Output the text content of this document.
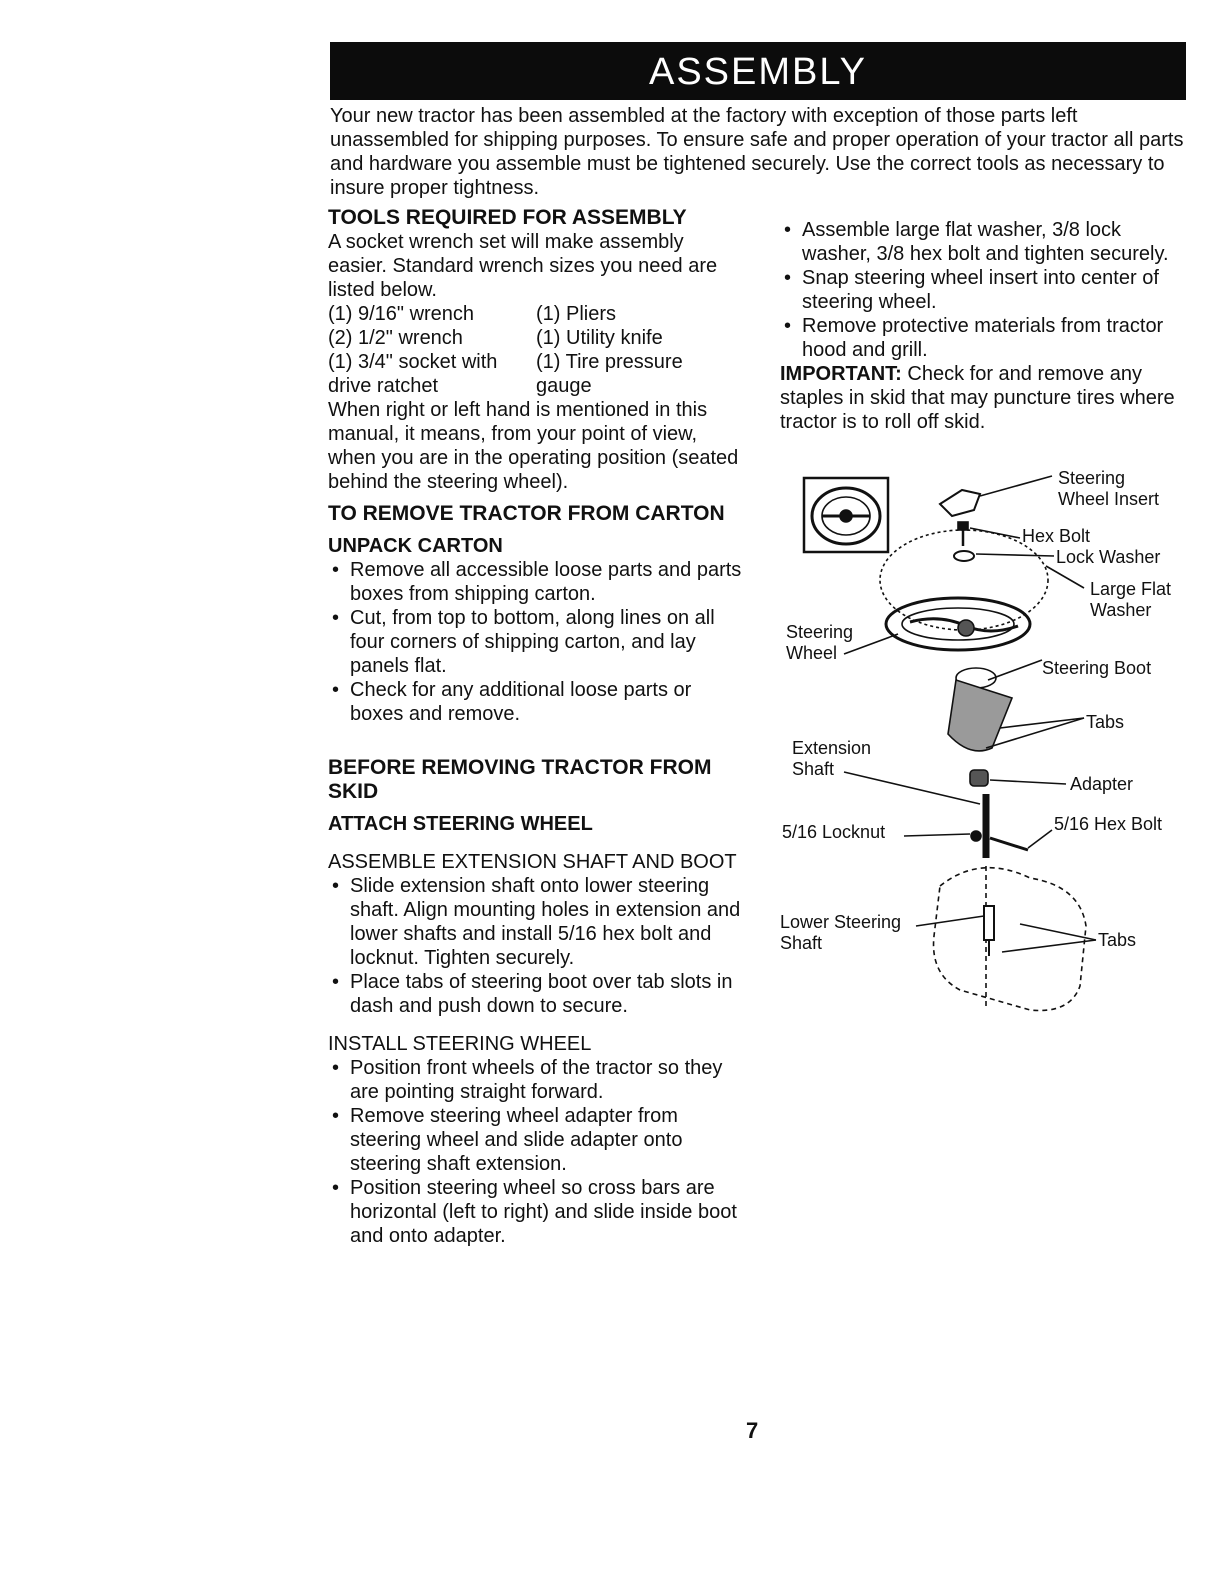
ASSEMBLY

Your new tractor has been assembled at the factory with exception of those parts left unassembled for shipping purposes. To ensure safe and proper operation of your tractor all parts and hardware you assemble must be tightened securely. Use the correct tools as necessary to insure proper tightness.

TOOLS REQUIRED FOR ASSEMBLY

A socket wrench set will make assembly easier. Standard wrench sizes you need are listed below.

(1) 9/16" wrench	(1) Pliers
(2) 1/2" wrench	(1) Utility knife
(1) 3/4" socket with	(1) Tire pressure
drive ratchet	gauge

When right or left hand is mentioned in this manual, it means, from your point of view, when you are in the operating position (seated behind the steering wheel).

TO REMOVE TRACTOR FROM CARTON
UNPACK CARTON
• Remove all accessible loose parts and parts boxes from shipping carton.
• Cut, from top to bottom, along lines on all four corners of shipping carton, and lay panels flat.
• Check for any additional loose parts or boxes and remove.
BEFORE REMOVING TRACTOR FROM SKID
ATTACH STEERING WHEEL

ASSEMBLE EXTENSION SHAFT AND BOOT

• Slide extension shaft onto lower steering shaft. Align mounting holes in extension and lower shafts and install 5/16 hex bolt and locknut. Tighten securely.
• Place tabs of steering boot over tab slots in dash and push down to secure.

INSTALL STEERING WHEEL

• Position front wheels of the tractor so they are pointing straight forward.
• Remove steering wheel adapter from steering wheel and slide adapter onto steering shaft extension.
• Position steering wheel so cross bars are horizontal (left to right) and slide inside boot and onto adapter.
• Assemble large flat washer, 3/8 lock washer, 3/8 hex bolt and tighten securely.
• Snap steering wheel insert into center of steering wheel.
• Remove protective materials from tractor hood and grill.

IMPORTANT: Check for and remove any staples in skid that may puncture tires where tractor is to roll off skid.

Steering Wheel Insert
Hex Bolt
Lock Washer
Large Flat Washer
Steering Wheel
Steering Boot
Tabs
Extension Shaft
Adapter
5/16 Locknut	5/16 Hex Bolt
Lower Steering Shaft	Tabs
7
